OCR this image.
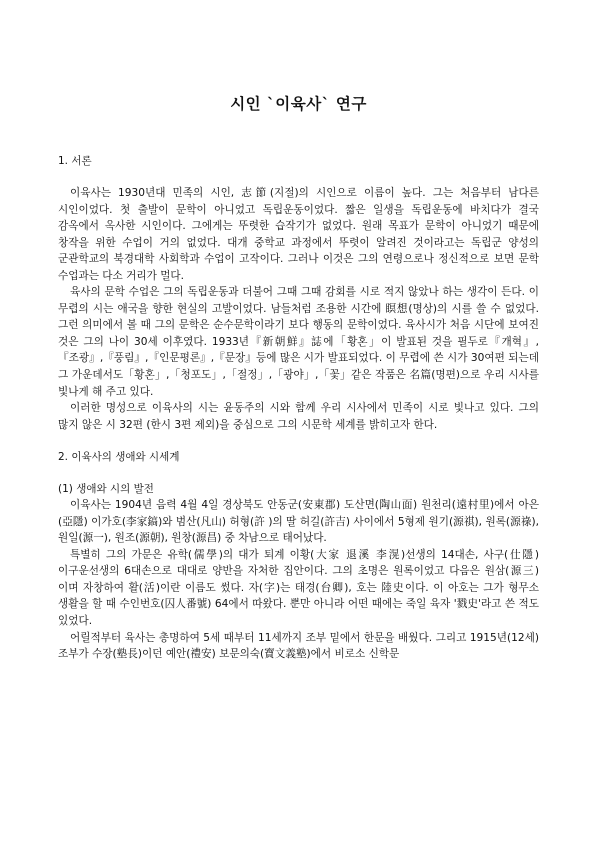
시인 `이육사` 연구
1. 서론

이육사는 1930년대 민족의 시인, 志節(지절)의 시인으로 이름이 높다. 그는 처음부터 남다른 시인이었다. 첫 출발이 문학이 아니었고 독립운동이었다. 짧은 일생을 독립운동에 바치다가 결국 감옥에서 옥사한 시인이다. 그에게는 뚜렷한 습작기가 없었다. 원래 목표가 문학이 아니었기 때문에 창작을 위한 수업이 거의 없었다. 대개 중학교 과정에서 뚜렷이 알려진 것이라고는 독립군 양성의 군관학교의 북경대학 사회학과 수업이 고작이다. 그러나 이것은 그의 연령으로나 정신적으로 보면 문학 수업과는 다소 거리가 멀다.

육사의 문학 수업은 그의 독립운동과 더불어 그때 그때 감회를 시로 적지 않았나 하는 생각이 든다. 이 무렵의 시는 애국을 향한 현실의 고발이었다. 남들처럼 조용한 시간에 瞑想(명상)의 시를 쓸 수 없었다. 그런 의미에서 볼 때 그의 문학은 순수문학이라기 보다 행동의 문학이었다. 육사시가 처음 시단에 보여진 것은 그의 나이 30세 이후였다. 1933년『新朝鮮』誌에「황혼」이 발표된 것을 필두로『개혁』,『조광』,『풍림』,『인문평론』,『문장』등에 많은 시가 발표되었다. 이 무렵에 쓴 시가 30여편 되는데 그 가운데서도「황혼」,「청포도」,「절정」,「광야」,「꽃」같은 작품은 名篇(명편)으로 우리 시사를 빛나게 해 주고 있다.

이러한 명성으로 이육사의 시는 윤동주의 시와 함께 우리 시사에서 민족이 시로 빛나고 있다. 그의 많지 않은 시 32편 (한시 3편 제외)을 중심으로 그의 시문학 세계를 밝히고자 한다.

2. 이육사의 생애와 시세계
(1) 생애와 시의 발전

이육사는 1904년 음력 4월 4일 경상북도 안동군(安東郡) 도산면(陶山面) 원천리(遠村里)에서 아은(亞隱) 이가호(李家鎬)와 범산(凡山) 허형(許 )의 딸 허길(許吉) 사이에서 5형제 원기(源祺), 원록(源祿), 원일(源一), 원조(源朝), 원창(源昌) 중 차남으로 태어났다.

특별히 그의 가문은 유학(儒學)의 대가 퇴계 이황(大家 退溪 李滉)선생의 14대손, 사구(仕隱) 이구운선생의 6대손으로 대대로 양반을 자처한 집안이다. 그의 초명은 원록이었고 다음은 원삼(源三)이며 자창하여 활(活)이란 이름도 썼다. 자(字)는 태경(台卿), 호는 陸史이다. 이 아호는 그가 형무소 생활을 할 때 수인번호(囚人番號) 64에서 따왔다. 뿐만 아니라 어떤 때에는 죽일 육자 '戮史'라고 쓴 적도 있었다.

어릴적부터 육사는 총명하여 5세 때부터 11세까지 조부 밑에서 한문을 배웠다. 그리고 1915년(12세) 조부가 수장(塾長)이던 예안(禮安) 보문의숙(寶文義塾)에서 비로소 신학문
